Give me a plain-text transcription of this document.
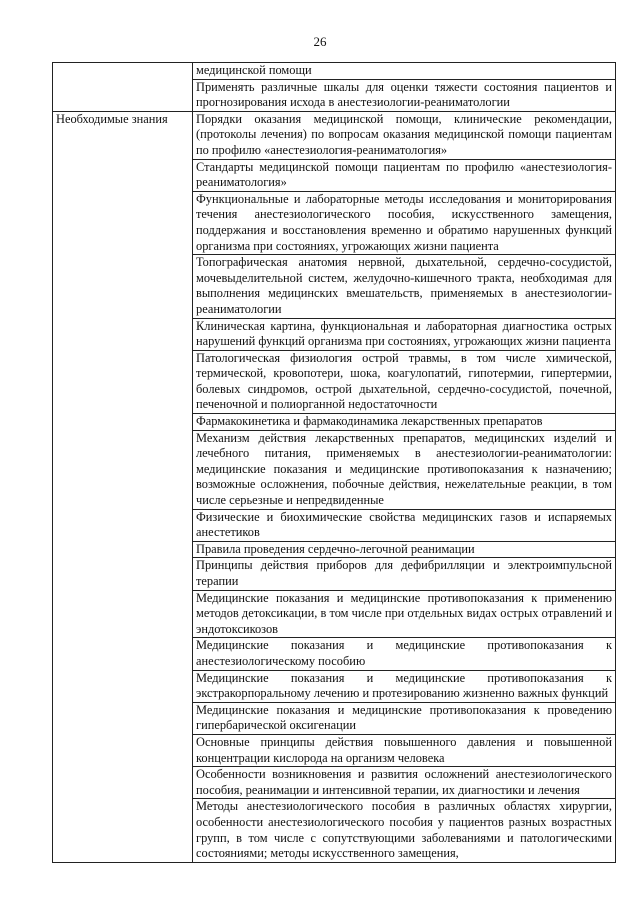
26
	медицинской помощи
	Применять различные шкалы для оценки тяжести состояния пациентов и прогнозирования исхода в анестезиологии-реаниматологии
Необходимые знания	Порядки оказания медицинской помощи, клинические рекомендации, (протоколы лечения) по вопросам оказания медицинской помощи пациентам по профилю «анестезиология-реаниматология»
	Стандарты медицинской помощи пациентам по профилю «анестезиология-реаниматология»
	Функциональные и лабораторные методы исследования и мониторирования течения анестезиологического пособия, искусственного замещения, поддержания и восстановления временно и обратимо нарушенных функций организма при состояниях, угрожающих жизни пациента
	Топографическая анатомия нервной, дыхательной, сердечно-сосудистой, мочевыделительной систем, желудочно-кишечного тракта, необходимая для выполнения медицинских вмешательств, применяемых в анестезиологии-реаниматологии
	Клиническая картина, функциональная и лабораторная диагностика острых нарушений функций организма при состояниях, угрожающих жизни пациента
	Патологическая физиология острой травмы, в том числе химической, термической, кровопотери, шока, коагулопатий, гипотермии, гипертермии, болевых синдромов, острой дыхательной, сердечно-сосудистой, почечной, печеночной и полиорганной недостаточности
	Фармакокинетика и фармакодинамика лекарственных препаратов
	Механизм действия лекарственных препаратов, медицинских изделий и лечебного питания, применяемых в анестезиологии-реаниматологии: медицинские показания и медицинские противопоказания к назначению; возможные осложнения, побочные действия, нежелательные реакции, в том числе серьезные и непредвиденные
	Физические и биохимические свойства медицинских газов и испаряемых анестетиков
	Правила проведения сердечно-легочной реанимации
	Принципы действия приборов для дефибрилляции и электроимпульсной терапии
	Медицинские показания и медицинские противопоказания к применению методов детоксикации, в том числе при отдельных видах острых отравлений и эндотоксикозов
	Медицинские показания и медицинские противопоказания к анестезиологическому пособию
	Медицинские показания и медицинские противопоказания к экстракорпоральному лечению и протезированию жизненно важных функций
	Медицинские показания и медицинские противопоказания к проведению гипербарической оксигенации
	Основные принципы действия повышенного давления и повышенной концентрации кислорода на организм человека
	Особенности возникновения и развития осложнений анестезиологического пособия, реанимации и интенсивной терапии, их диагностики и лечения
	Методы анестезиологического пособия в различных областях хирургии, особенности анестезиологического пособия у пациентов разных возрастных групп, в том числе с сопутствующими заболеваниями и патологическими состояниями; методы искусственного замещения,
